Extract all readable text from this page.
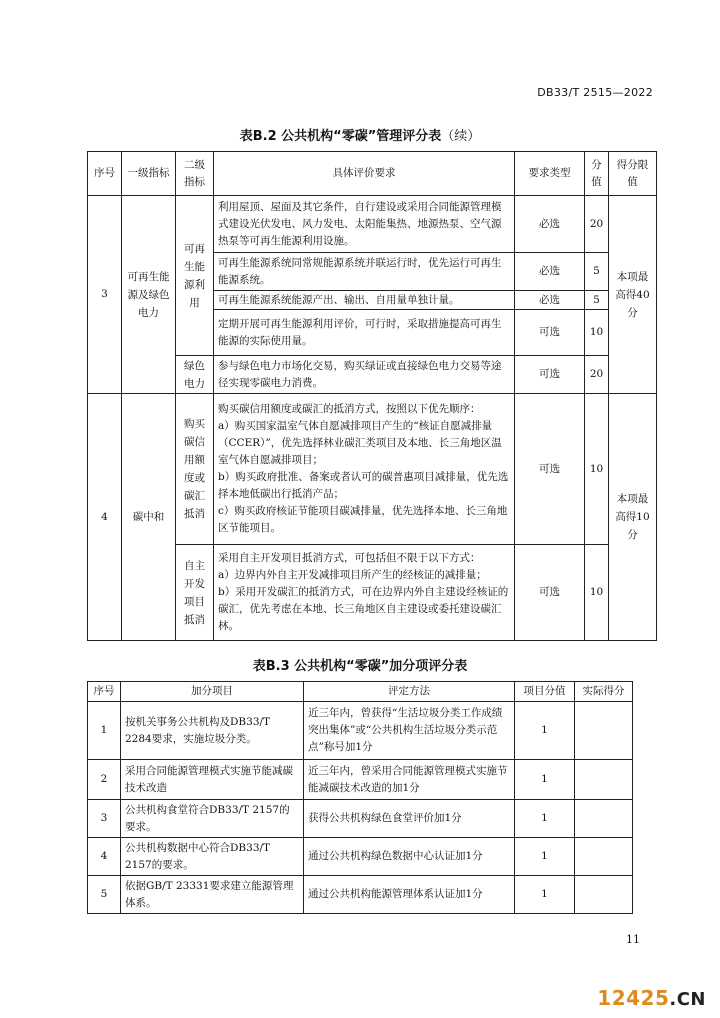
DB33/T 2515—2022
表B.2 公共机构“零碳”管理评分表（续）
序号	一级指标	二级指标	具体评价要求	要求类型	分值	得分限值
3	可再生能源及绿色电力	可再生能源利用	利用屋顶、屋面及其它条件，自行建设或采用合同能源管理模式建设光伏发电、风力发电、太阳能集热、地源热泵、空气源热泵等可再生能源利用设施。	必选	20	本项最高得40分
			可再生能源系统同常规能源系统并联运行时，优先运行可再生能源系统。	必选	5	
			可再生能源系统能源产出、输出、自用量单独计量。	必选	5	
			定期开展可再生能源利用评价，可行时，采取措施提高可再生能源的实际使用量。	可选	10	
		绿色电力	参与绿色电力市场化交易，购买绿证或直接绿色电力交易等途径实现零碳电力消费。	可选	20	
4	碳中和	购买碳信用额度或碳汇抵消	购买碳信用额度或碳汇的抵消方式，按照以下优先顺序：
a）购买国家温室气体自愿减排项目产生的“核证自愿减排量（CCER）”，优先选择林业碳汇类项目及本地、长三角地区温室气体自愿减排项目；
b）购买政府批准、备案或者认可的碳普惠项目减排量，优先选择本地低碳出行抵消产品；
c）购买政府核证节能项目碳减排量，优先选择本地、长三角地区节能项目。	可选	10	本项最高得10分
		自主开发项目抵消	采用自主开发项目抵消方式，可包括但不限于以下方式：
a）边界内外自主开发减排项目所产生的经核证的减排量；
b）采用开发碳汇的抵消方式，可在边界内外自主建设经核证的碳汇，优先考虑在本地、长三角地区自主建设或委托建设碳汇林。	可选	10	
表B.3 公共机构“零碳”加分项评分表
序号	加分项目	评定方法	项目分值	实际得分
1	按机关事务公共机构及DB33/T 2284要求，实施垃圾分类。	近三年内，曾获得“生活垃圾分类工作成绩突出集体”或“公共机构生活垃圾分类示范点”称号加1分	1	
2	采用合同能源管理模式实施节能减碳技术改造	近三年内，曾采用合同能源管理模式实施节能减碳技术改造的加1分	1	
3	公共机构食堂符合DB33/T 2157的要求。	获得公共机构绿色食堂评价加1分	1	
4	公共机构数据中心符合DB33/T 2157的要求。	通过公共机构绿色数据中心认证加1分	1	
5	依据GB/T 23331要求建立能源管理体系。	通过公共机构能源管理体系认证加1分	1	
11
12425.CN
